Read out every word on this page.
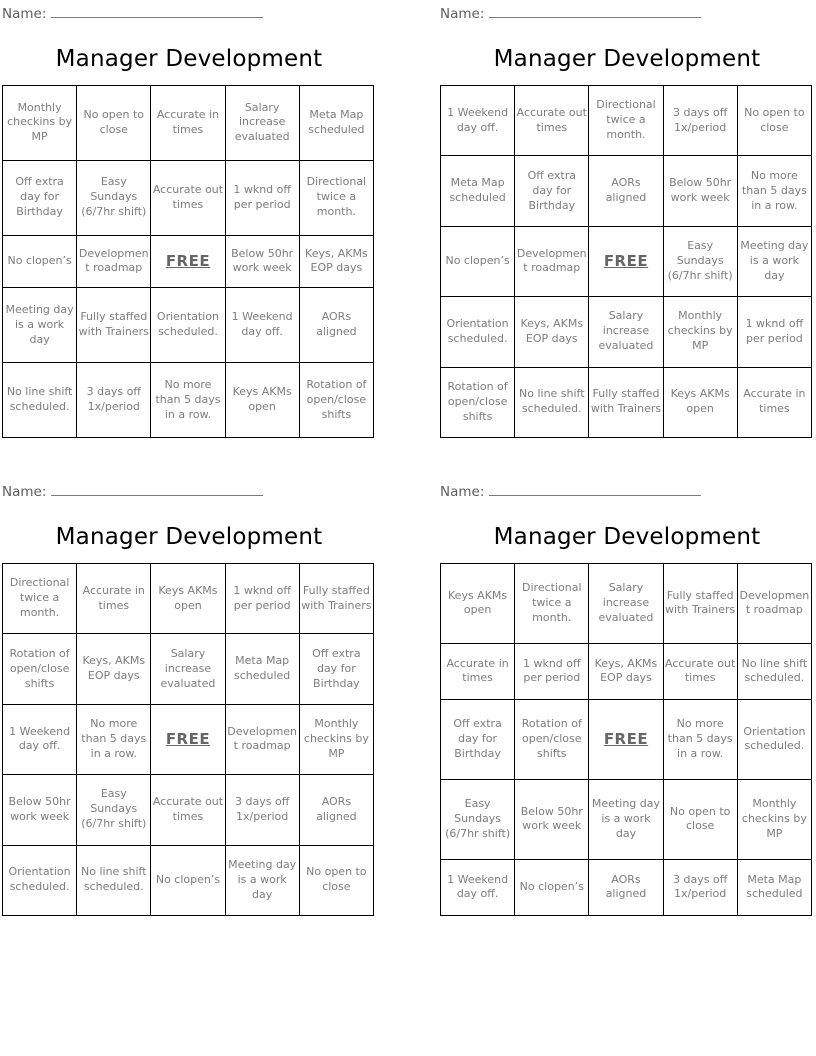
Name:
Manager Development
Monthly checkins by MP	No open to close	Accurate in times	Salary increase evaluated	Meta Map scheduled
Off extra day for Birthday	Easy Sundays (6/7hr shift)	Accurate out times	1 wknd off per period	Directional twice a month.
No clopen’s	Development roadmap	FREE	Below 50hr work week	Keys, AKMs EOP days
Meeting day is a work day	Fully staffed with Trainers	Orientation scheduled.	1 Weekend day off.	AORs aligned
No line shift scheduled.	3 days off 1x/period	No more than 5 days in a row.	Keys AKMs open	Rotation of open/close shifts
Name:
Manager Development
1 Weekend day off.	Accurate out times	Directional twice a month.	3 days off 1x/period	No open to close
Meta Map scheduled	Off extra day for Birthday	AORs aligned	Below 50hr work week	No more than 5 days in a row.
No clopen’s	Development roadmap	FREE	Easy Sundays (6/7hr shift)	Meeting day is a work day
Orientation scheduled.	Keys, AKMs EOP days	Salary increase evaluated	Monthly checkins by MP	1 wknd off per period
Rotation of open/close shifts	No line shift scheduled.	Fully staffed with Trainers	Keys AKMs open	Accurate in times
Name:
Manager Development
Directional twice a month.	Accurate in times	Keys AKMs open	1 wknd off per period	Fully staffed with Trainers
Rotation of open/close shifts	Keys, AKMs EOP days	Salary increase evaluated	Meta Map scheduled	Off extra day for Birthday
1 Weekend day off.	No more than 5 days in a row.	FREE	Development roadmap	Monthly checkins by MP
Below 50hr work week	Easy Sundays (6/7hr shift)	Accurate out times	3 days off 1x/period	AORs aligned
Orientation scheduled.	No line shift scheduled.	No clopen’s	Meeting day is a work day	No open to close
Name:
Manager Development
Keys AKMs open	Directional twice a month.	Salary increase evaluated	Fully staffed with Trainers	Development roadmap
Accurate in times	1 wknd off per period	Keys, AKMs EOP days	Accurate out times	No line shift scheduled.
Off extra day for Birthday	Rotation of open/close shifts	FREE	No more than 5 days in a row.	Orientation scheduled.
Easy Sundays (6/7hr shift)	Below 50hr work week	Meeting day is a work day	No open to close	Monthly checkins by MP
1 Weekend day off.	No clopen’s	AORs aligned	3 days off 1x/period	Meta Map scheduled
